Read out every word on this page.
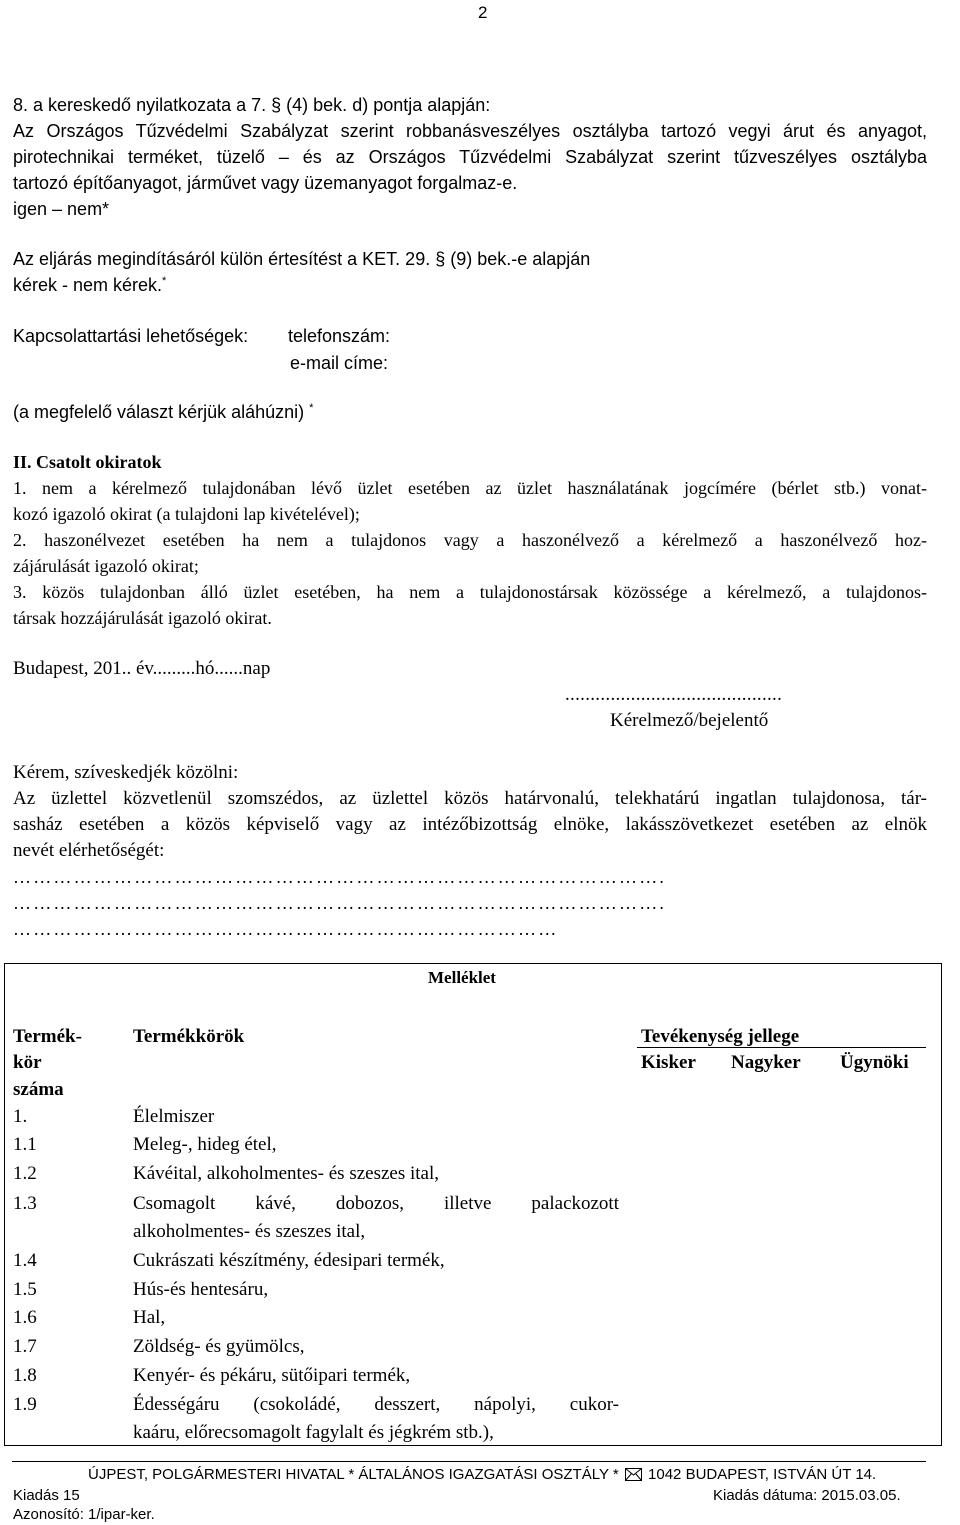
2
8. a kereskedő nyilatkozata a 7. § (4) bek. d) pontja alapján:
Az Országos Tűzvédelmi Szabályzat szerint robbanásveszélyes osztályba tartozó vegyi árut és anyagot,
pirotechnikai terméket, tüzelő – és az Országos Tűzvédelmi Szabályzat szerint tűzveszélyes osztályba
tartozó építőanyagot, járművet vagy üzemanyagot forgalmaz-e.
igen – nem*
Az eljárás megindításáról külön értesítést a KET. 29. § (9) bek.-e alapján
kérek - nem kérek.*
Kapcsolattartási lehetőségek: telefonszám:
e-mail címe:
(a megfelelő választ kérjük aláhúzni) *
II. Csatolt okiratok
1. nem a kérelmező tulajdonában lévő üzlet esetében az üzlet használatának jogcímére (bérlet stb.) vonat-
kozó igazoló okirat (a tulajdoni lap kivételével);
2. haszonélvezet esetében ha nem a tulajdonos vagy a haszonélvező a kérelmező a haszonélvező hoz-
zájárulását igazoló okirat;
3. közös tulajdonban álló üzlet esetében, ha nem a tulajdonostársak közössége a kérelmező, a tulajdonos-
társak hozzájárulását igazoló okirat.
Budapest, 201.. év.........hó......nap
...........................................
Kérelmező/bejelentő
Kérem, szíveskedjék közölni:
Az üzlettel közvetlenül szomszédos, az üzlettel közös határvonalú, telekhatárú ingatlan tulajdonosa, tár-
sasház esetében a közös képviselő vagy az intézőbizottság elnöke, lakásszövetkezet esetében az elnök
nevét elérhetőségét:
…………………………………………………………………………………….
…………………………………………………………………………………….
………………………………………………………………………
Melléklet
Termék-
kör
száma
Termékkörök	Tevékenység jellege
Kisker Nagyker Ügynöki
1.	Élelmiszer
1.1	Meleg-, hideg étel,
1.2	Kávéital, alkoholmentes- és szeszes ital,
1.3	Csomagolt kávé, dobozos, illetve palackozott
alkoholmentes- és szeszes ital,
1.4	Cukrászati készítmény, édesipari termék,
1.5	Hús-és hentesáru,
1.6	Hal,
1.7	Zöldség- és gyümölcs,
1.8	Kenyér- és pékáru, sütőipari termék,
1.9	Édességáru (csokoládé, desszert, nápolyi, cukor-
kaáru, előrecsomagolt fagylalt és jégkrém stb.),
ÚJPEST, POLGÁRMESTERI HIVATAL * ÁLTALÁNOS IGAZGATÁSI OSZTÁLY * 1042 BUDAPEST, ISTVÁN ÚT 14.
Kiadás 15	Kiadás dátuma: 2015.03.05.
Azonosító: 1/ipar-ker.
